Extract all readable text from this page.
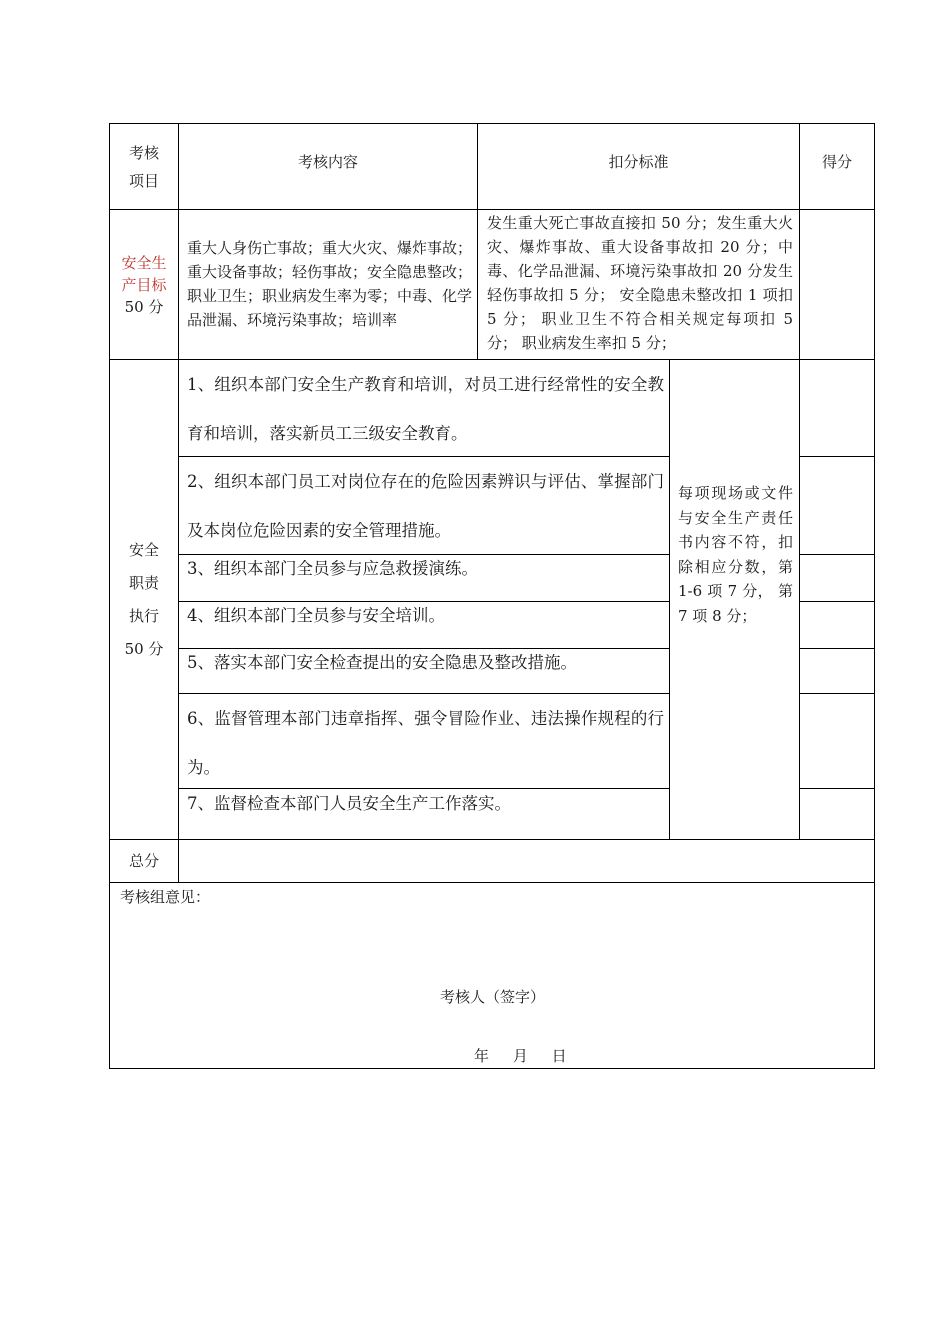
考核
项目
考核内容	扣分标准	得分
安全生
产目标
50 分
重大人身伤亡事故；重大火灾、爆炸事故；重大设备事故；轻伤事故；安全隐患整改；职业卫生；职业病发生率为零；中毒、化学品泄漏、环境污染事故；培训率
发生重大死亡事故直接扣 50 分；发生重大火灾、爆炸事故、重大设备事故扣 20 分；中毒、化学品泄漏、环境污染事故扣 20 分发生轻伤事故扣 5 分； 安全隐患未整改扣 1 项扣 5 分； 职业卫生不符合相关规定每项扣 5 分； 职业病发生率扣 5 分；
安全
职责
执行
50 分
1、组织本部门安全生产教育和培训，对员工进行经常性的安全教育和培训，落实新员工三级安全教育。
2、组织本部门员工对岗位存在的危险因素辨识与评估、掌握部门及本岗位危险因素的安全管理措施。
3、组织本部门全员参与应急救援演练。
4、组织本部门全员参与安全培训。
5、落实本部门安全检查提出的安全隐患及整改措施。
6、监督管理本部门违章指挥、强令冒险作业、违法操作规程的行为。
7、监督检查本部门人员安全生产工作落实。
每项现场或文件与安全生产责任书内容不符，扣除相应分数，第 1-6 项 7 分， 第 7 项 8 分；
总分
考核组意见：
考核人（签字）
年     月     日
